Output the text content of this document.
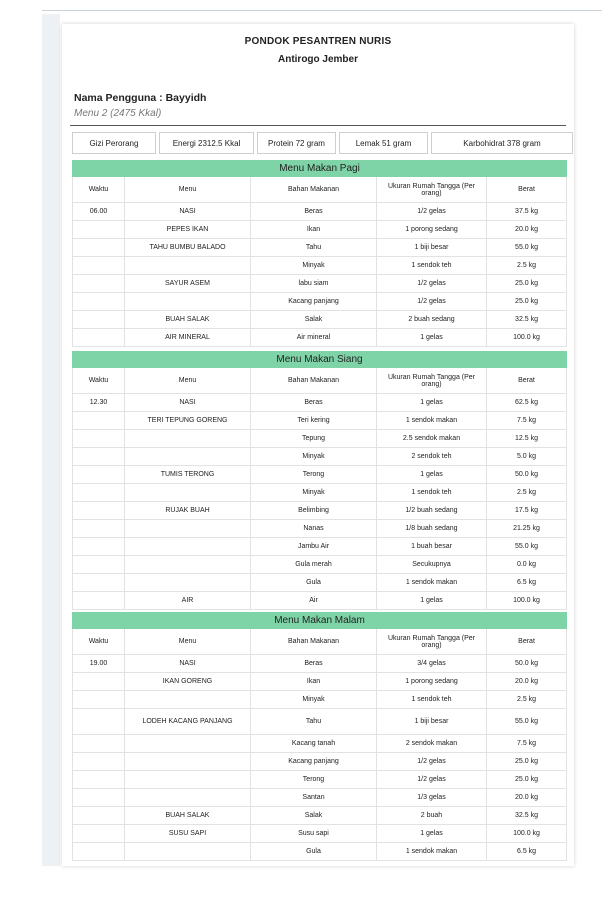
PONDOK PESANTREN NURIS
Antirogo Jember
Nama Pengguna : Bayyidh
Menu 2 (2475 Kkal)
Gizi Perorang	Energi 2312.5 Kkal	Protein 72 gram	Lemak 51 gram	Karbohidrat 378 gram
Menu Makan Pagi				
Waktu	Menu	Bahan Makanan	Ukuran Rumah Tangga (Per orang)	Berat
06.00	NASI	Beras	1/2 gelas	37.5 kg
	PEPES IKAN	Ikan	1 porong sedang	20.0 kg
	TAHU BUMBU BALADO	Tahu	1 biji besar	55.0 kg
		Minyak	1 sendok teh	2.5 kg
	SAYUR ASEM	labu siam	1/2 gelas	25.0 kg
		Kacang panjang	1/2 gelas	25.0 kg
	BUAH SALAK	Salak	2 buah sedang	32.5 kg
	AIR MINERAL	Air mineral	1 gelas	100.0 kg
Menu Makan Siang				
Waktu	Menu	Bahan Makanan	Ukuran Rumah Tangga (Per orang)	Berat
12.30	NASI	Beras	1 gelas	62.5 kg
	TERI TEPUNG GORENG	Teri kering	1 sendok makan	7.5 kg
		Tepung	2.5 sendok makan	12.5 kg
		Minyak	2 sendok teh	5.0 kg
	TUMIS TERONG	Terong	1 gelas	50.0 kg
		Minyak	1 sendok teh	2.5 kg
	RUJAK BUAH	Belimbing	1/2 buah sedang	17.5 kg
		Nanas	1/8 buah sedang	21.25 kg
		Jambu Air	1 buah besar	55.0 kg
		Gula merah	Secukupnya	0.0 kg
		Gula	1 sendok makan	6.5 kg
	AIR	Air	1 gelas	100.0 kg
Menu Makan Malam				
Waktu	Menu	Bahan Makanan	Ukuran Rumah Tangga (Per orang)	Berat
19.00	NASI	Beras	3/4 gelas	50.0 kg
	IKAN GORENG	Ikan	1 porong sedang	20.0 kg
		Minyak	1 sendok teh	2.5 kg
	LODEH KACANG PANJANG	Tahu	1 biji besar	55.0 kg
		Kacang tanah	2 sendok makan	7.5 kg
		Kacang panjang	1/2 gelas	25.0 kg
		Terong	1/2 gelas	25.0 kg
		Santan	1/3 gelas	20.0 kg
	BUAH SALAK	Salak	2 buah	32.5 kg
	SUSU SAPI	Susu sapi	1 gelas	100.0 kg
		Gula	1 sendok makan	6.5 kg
